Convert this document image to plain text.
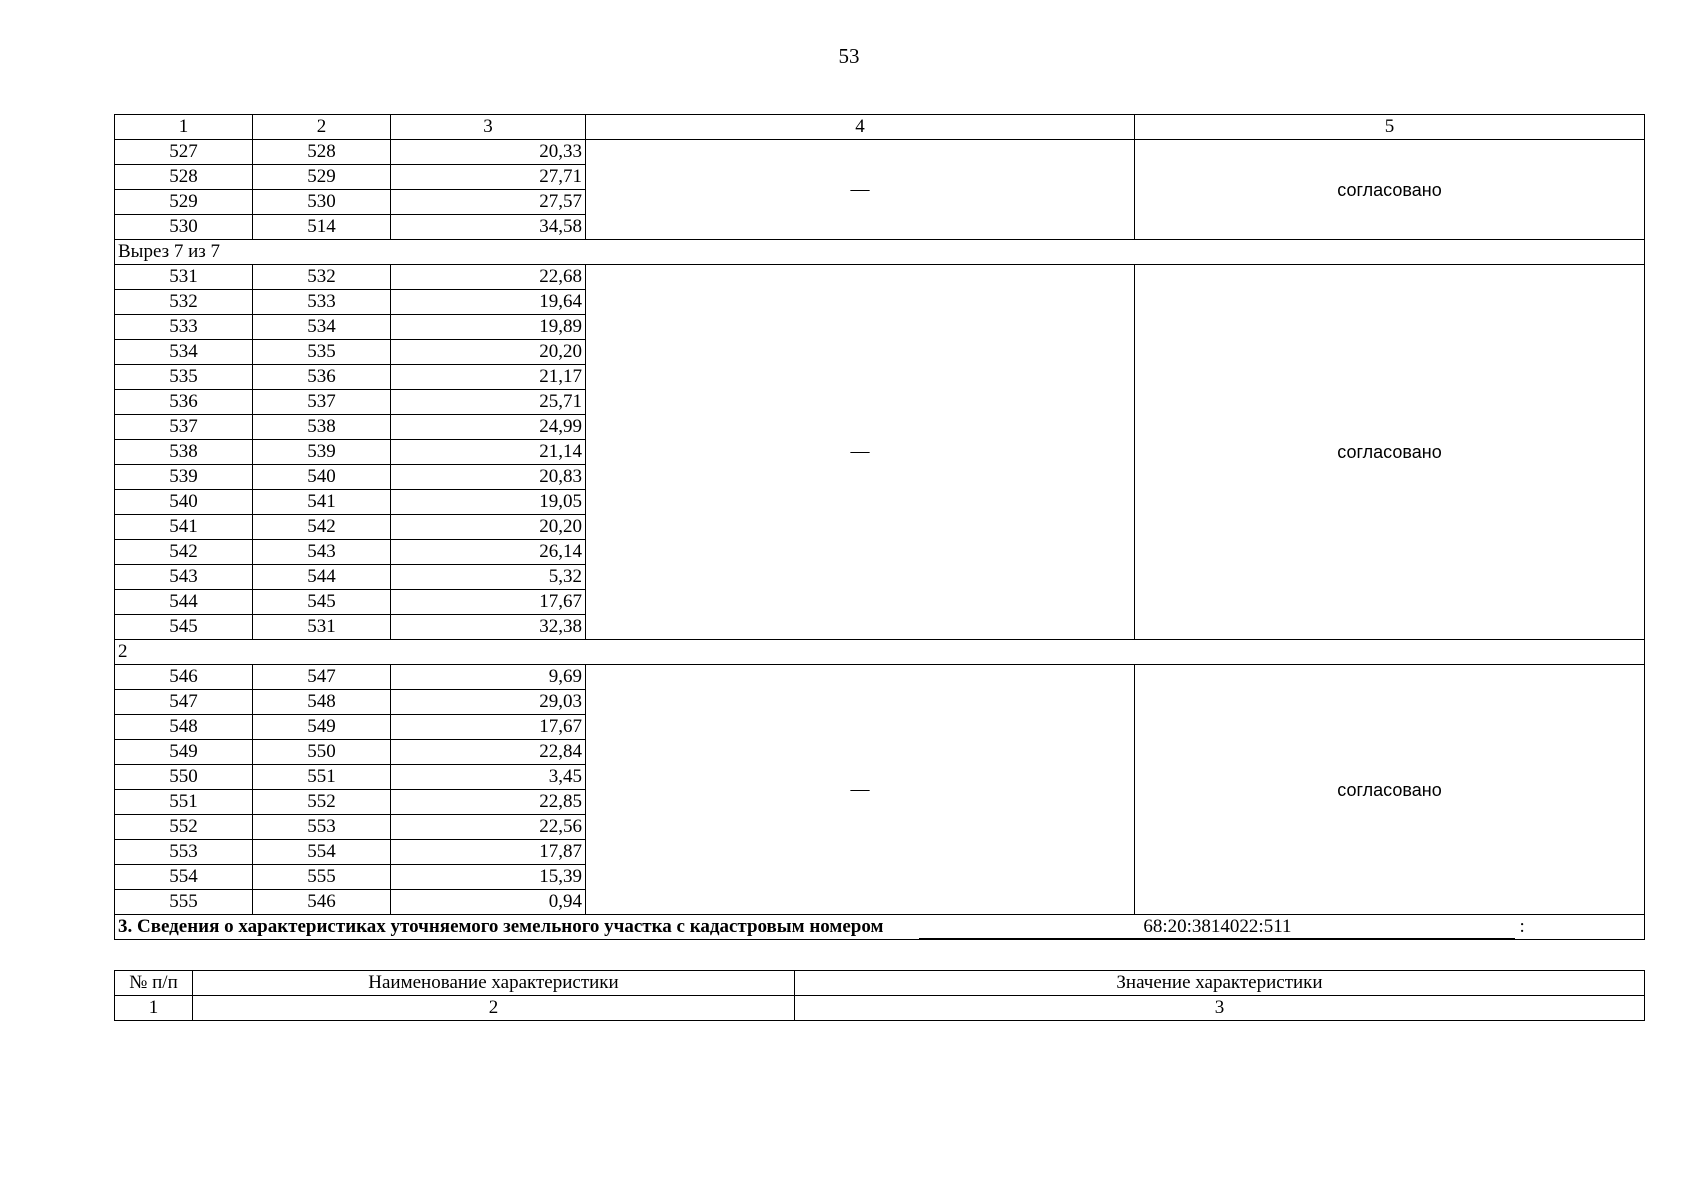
53
1	2	3	4	5
527	528	20,33	—	согласовано
528	529	27,71		
529	530	27,57		
530	514	34,58		
Вырез 7 из 7				
531	532	22,68	—	согласовано
532	533	19,64		
533	534	19,89		
534	535	20,20		
535	536	21,17		
536	537	25,71		
537	538	24,99		
538	539	21,14		
539	540	20,83		
540	541	19,05		
541	542	20,20		
542	543	26,14		
543	544	5,32		
544	545	17,67		
545	531	32,38		
2				
546	547	9,69	—	согласовано
547	548	29,03		
548	549	17,67		
549	550	22,84		
550	551	3,45		
551	552	22,85		
552	553	22,56		
553	554	17,87		
554	555	15,39		
555	546	0,94		

3. Сведения о характеристиках уточняемого земельного участка с кадастровым номером 68:20:3814022:511 :				
№ п/п	Наименование характеристики	Значение характеристики
1	2	3
